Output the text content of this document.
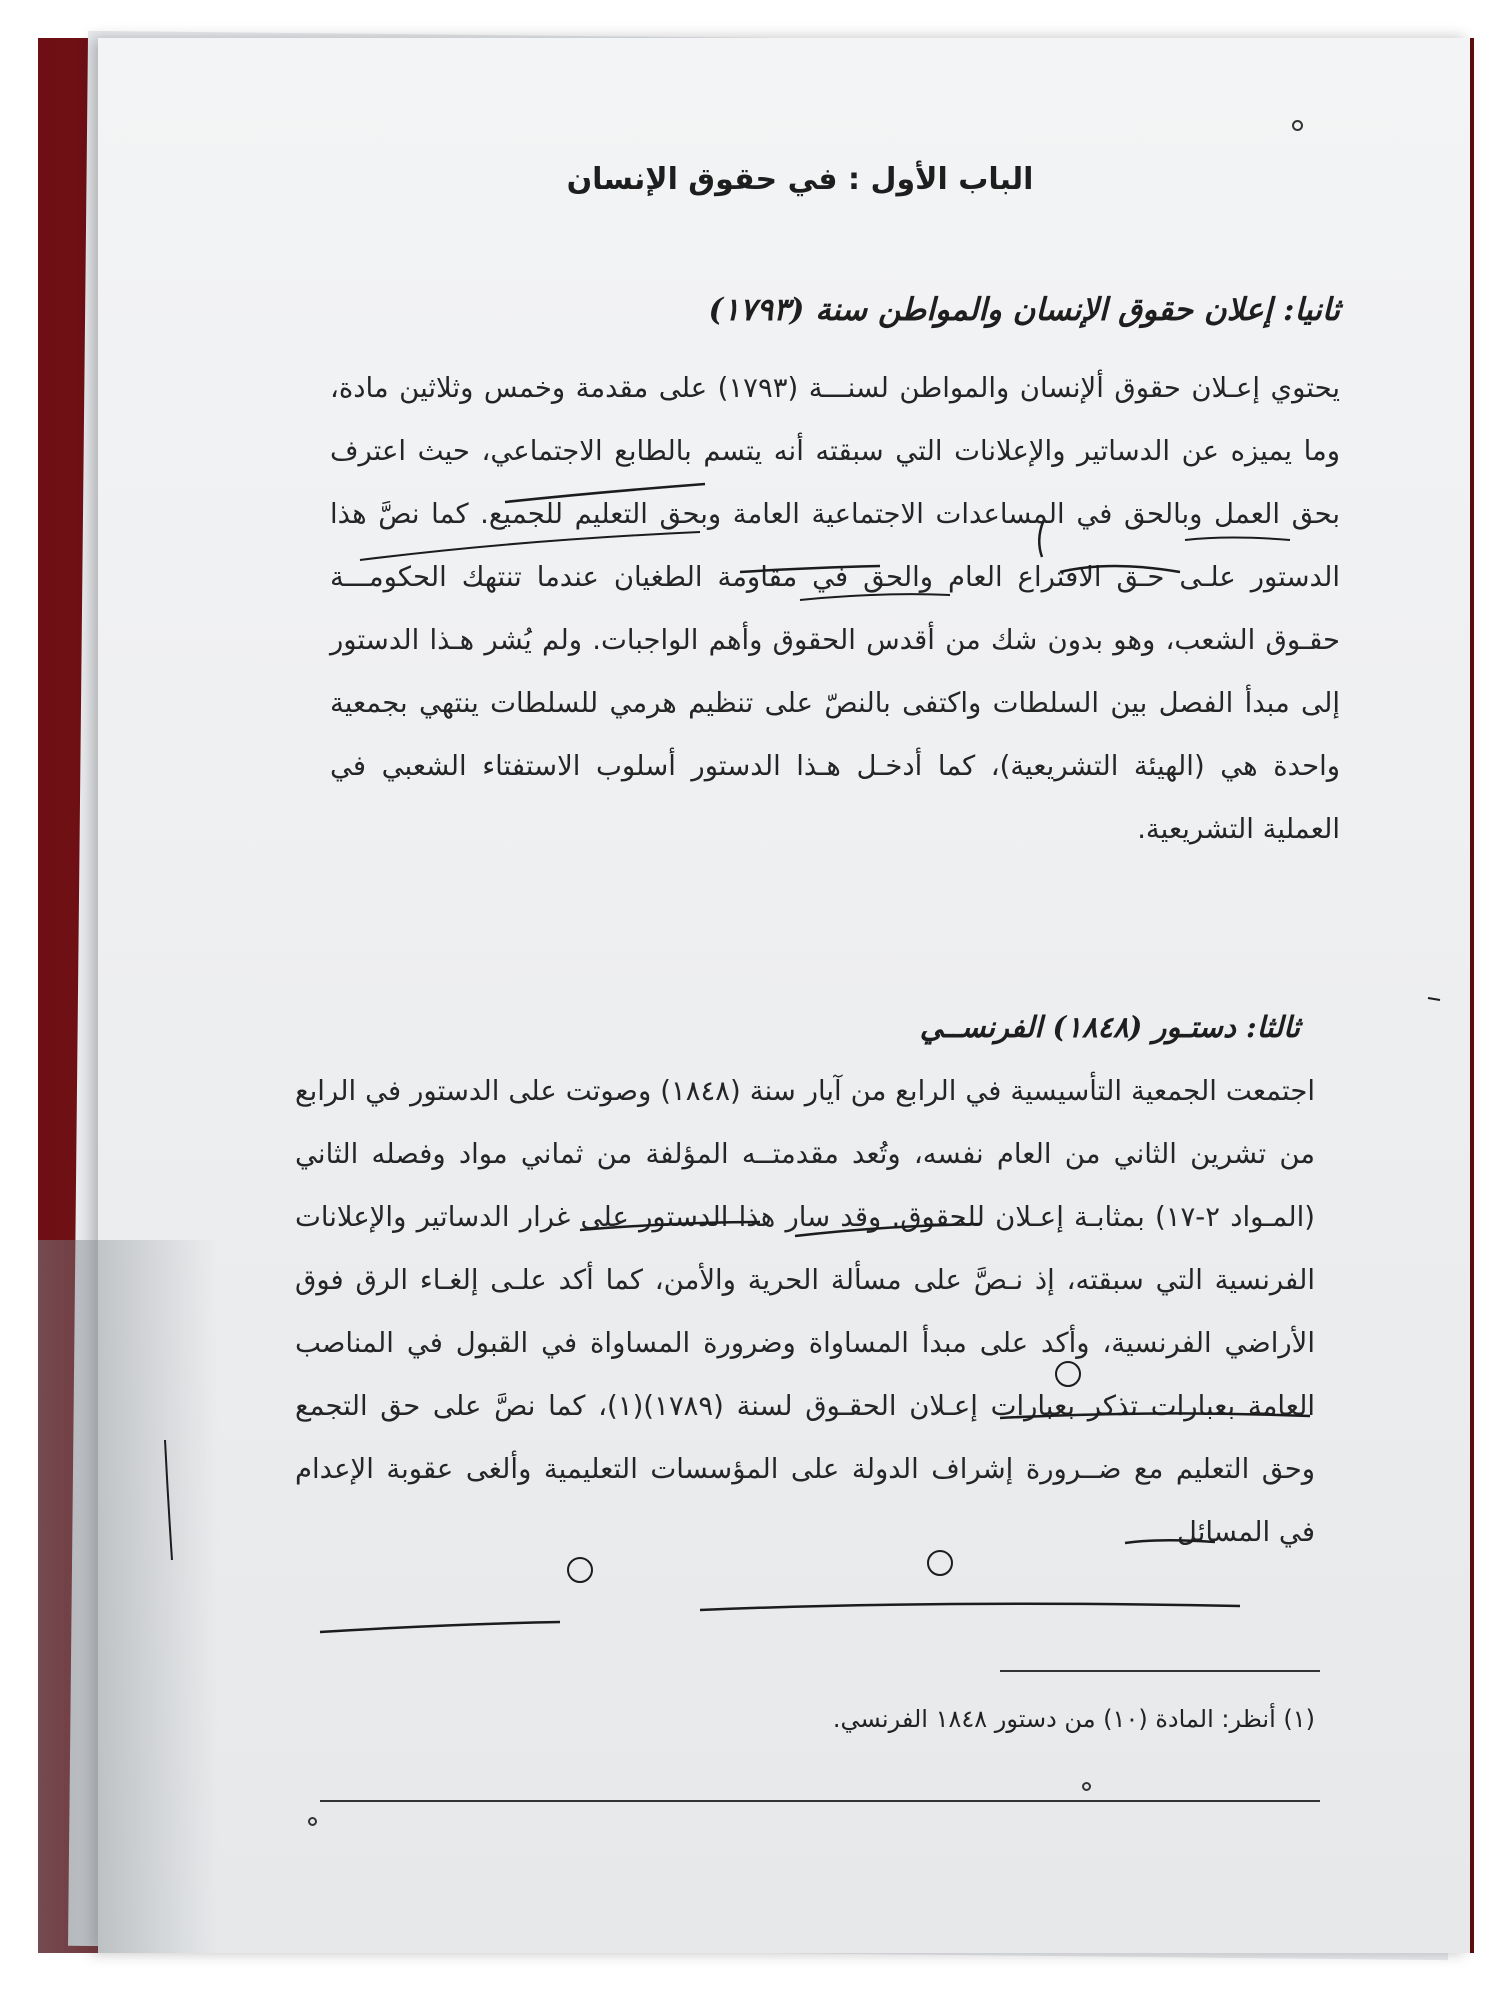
الباب الأول : في حقوق الإنسان
ثانيا: إعلان حقوق الإنسان والمواطن سنة (١٧٩٣)
يحتوي إعـلان حقوق ألإنسان والمواطن لسنـــة (١٧٩٣) على مقدمة وخمس وثلاثين مادة، وما يميزه عن الدساتير والإعلانات التي سبقته أنه يتسم بالطابع الاجتماعي، حيث اعترف بحق العمل وبالحق في المساعدات الاجتماعية العامة وبحق التعليم للجميع. كما نصَّ هذا الدستور علـى حـق الاقتراع العام والحق في مقاومة الطغيان عندما تنتهك الحكومـــة حقـوق الشعب، وهو بدون شك من أقدس الحقوق وأهم الواجبات. ولم يُشر هـذا الدستور إلى مبدأ الفصل بين السلطات واكتفى بالنصّ على تنظيم هرمي للسلطات ينتهي بجمعية واحدة هي (الهيئة التشريعية)، كما أدخـل هـذا الدستور أسلوب الاستفتاء الشعبي في العملية التشريعية.
ثالثا: دستـور (١٨٤٨) الفرنســي
اجتمعت الجمعية التأسيسية في الرابع من آيار سنة (١٨٤٨) وصوتت على الدستور في الرابع من تشرين الثاني من العام نفسه، وتُعد مقدمتــه المؤلفة من ثماني مواد وفصله الثاني (المـواد ٢-١٧) بمثابـة إعـلان للحقوق. وقد سار هذا الدستور على غرار الدساتير والإعلانات الفرنسية التي سبقته، إذ نـصَّ على مسألة الحرية والأمن، كما أكد علـى إلغـاء الرق فوق الأراضي الفرنسية، وأكد على مبدأ المساواة وضرورة المساواة في القبول في المناصب العامة بعبارات تذكر بعبارات إعـلان الحقـوق لسنة (١٧٨٩)(١)، كما نصَّ على حق التجمع وحق التعليم مع ضــرورة إشراف الدولة على المؤسسات التعليمية وألغى عقوبة الإعدام في المسائل
(١) أنظر: المادة (١٠) من دستور ١٨٤٨ الفرنسي.
